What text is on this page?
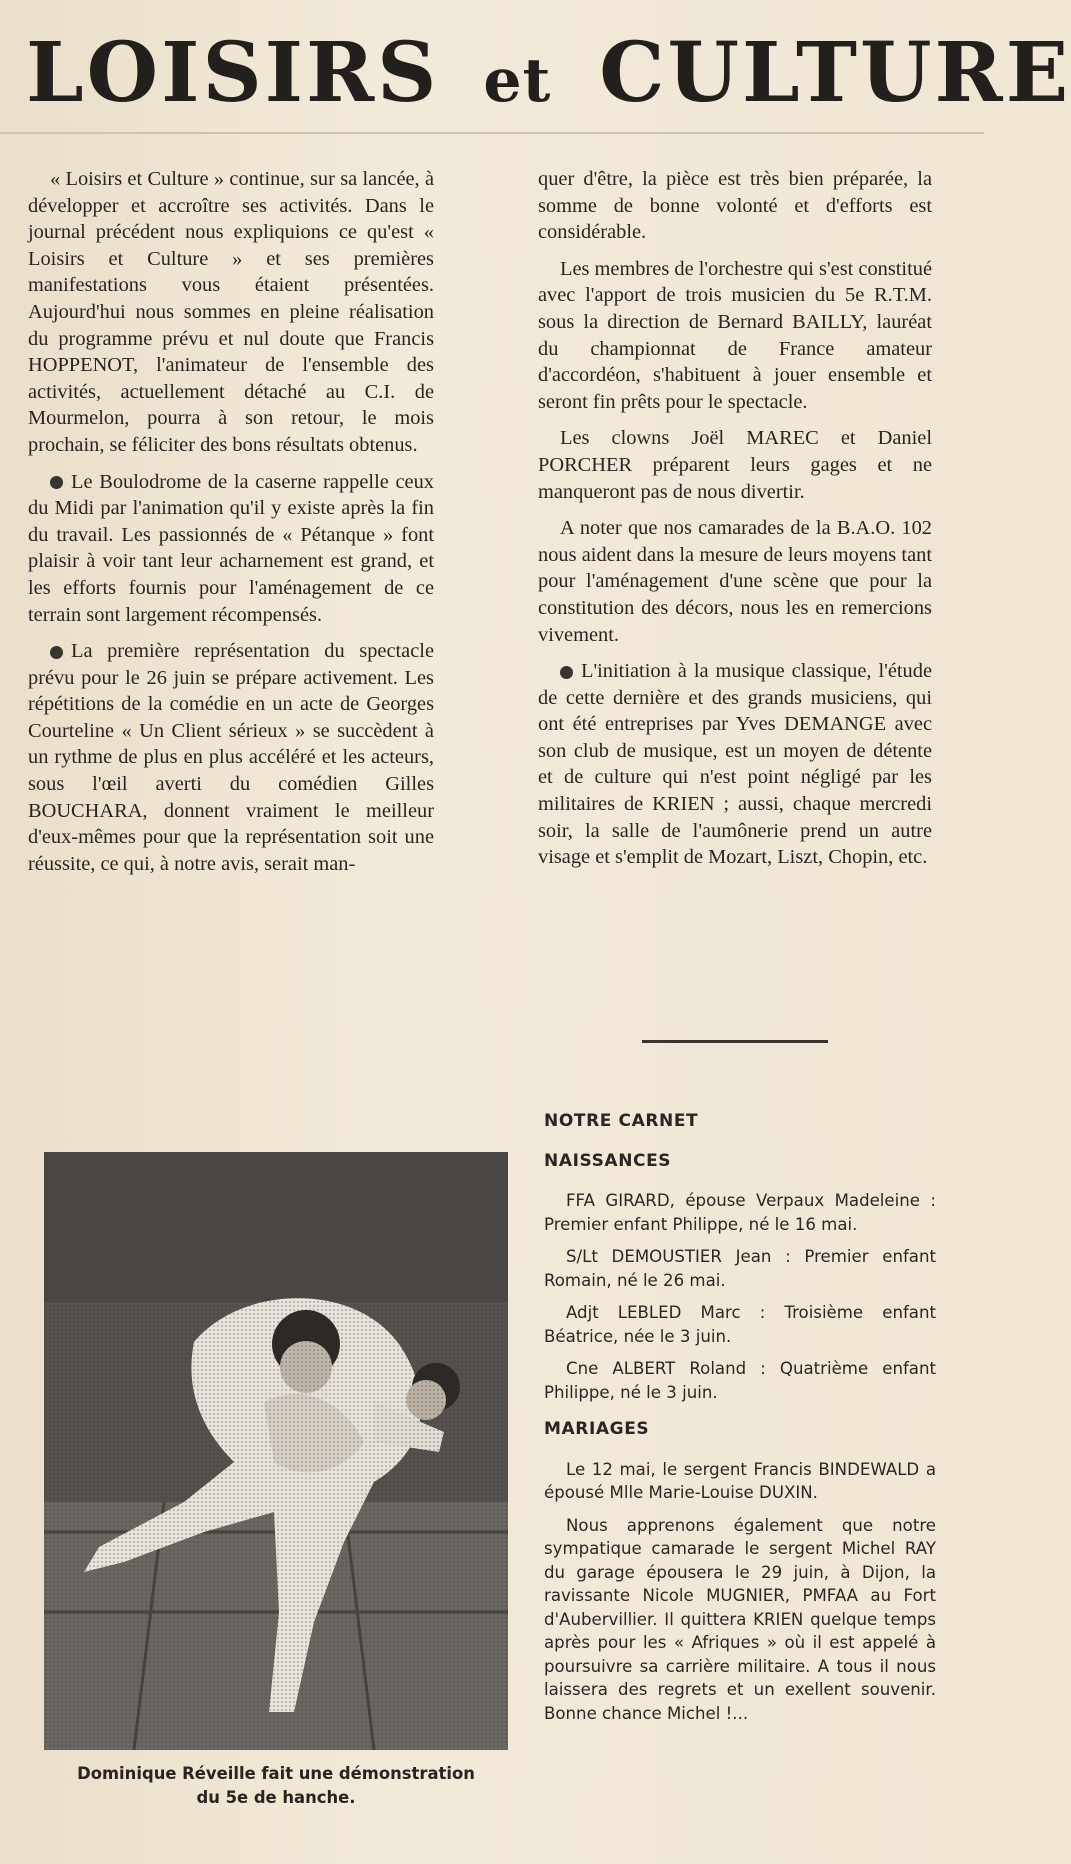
LOISIRS et CULTURE

« Loisirs et Culture » continue, sur sa lancée, à développer et accroître ses activités. Dans le journal précédent nous expliquions ce qu'est « Loisirs et Culture » et ses premières manifestations vous étaient présentées. Aujourd'hui nous sommes en pleine réalisation du programme prévu et nul doute que Francis HOPPENOT, l'animateur de l'ensemble des activités, actuellement détaché au C.I. de Mourmelon, pourra à son retour, le mois prochain, se féliciter des bons résultats obtenus.

Le Boulodrome de la caserne rappelle ceux du Midi par l'animation qu'il y existe après la fin du travail. Les passionnés de « Pétanque » font plaisir à voir tant leur acharnement est grand, et les efforts fournis pour l'aménagement de ce terrain sont largement récompensés.

La première représentation du spectacle prévu pour le 26 juin se prépare activement. Les répétitions de la comédie en un acte de Georges Courteline « Un Client sérieux » se succèdent à un rythme de plus en plus accéléré et les acteurs, sous l'œil averti du comédien Gilles BOUCHARA, donnent vraiment le meilleur d'eux-mêmes pour que la représentation soit une réussite, ce qui, à notre avis, serait man-

quer d'être, la pièce est très bien préparée, la somme de bonne volonté et d'efforts est considérable.

Les membres de l'orchestre qui s'est constitué avec l'apport de trois musicien du 5e R.T.M. sous la direction de Bernard BAILLY, lauréat du championnat de France amateur d'accordéon, s'habituent à jouer ensemble et seront fin prêts pour le spectacle.

Les clowns Joël MAREC et Daniel PORCHER préparent leurs gages et ne manqueront pas de nous divertir.

A noter que nos camarades de la B.A.O. 102 nous aident dans la mesure de leurs moyens tant pour l'aménagement d'une scène que pour la constitution des décors, nous les en remercions vivement.

L'initiation à la musique classique, l'étude de cette dernière et des grands musiciens, qui ont été entreprises par Yves DEMANGE avec son club de musique, est un moyen de détente et de culture qui n'est point négligé par les militaires de KRIEN ; aussi, chaque mercredi soir, la salle de l'aumônerie prend un autre visage et s'emplit de Mozart, Liszt, Chopin, etc.

NOTRE CARNET
NAISSANCES

FFA GIRARD, épouse Verpaux Madeleine : Premier enfant Philippe, né le 16 mai.

S/Lt DEMOUSTIER Jean : Premier enfant Romain, né le 26 mai.

Adjt LEBLED Marc : Troisième enfant Béatrice, née le 3 juin.

Cne ALBERT Roland : Quatrième enfant Philippe, né le 3 juin.

MARIAGES

Le 12 mai, le sergent Francis BINDEWALD a épousé Mlle Marie-Louise DUXIN.

Nous apprenons également que notre sympatique camarade le sergent Michel RAY du garage épousera le 29 juin, à Dijon, la ravissante Nicole MUGNIER, PMFAA au Fort d'Aubervillier. Il quittera KRIEN quelque temps après pour les « Afriques » où il est appelé à poursuivre sa carrière militaire. A tous il nous laissera des regrets et un exellent souvenir. Bonne chance Michel !...

Dominique Réveille fait une démonstration
du 5e de hanche.
